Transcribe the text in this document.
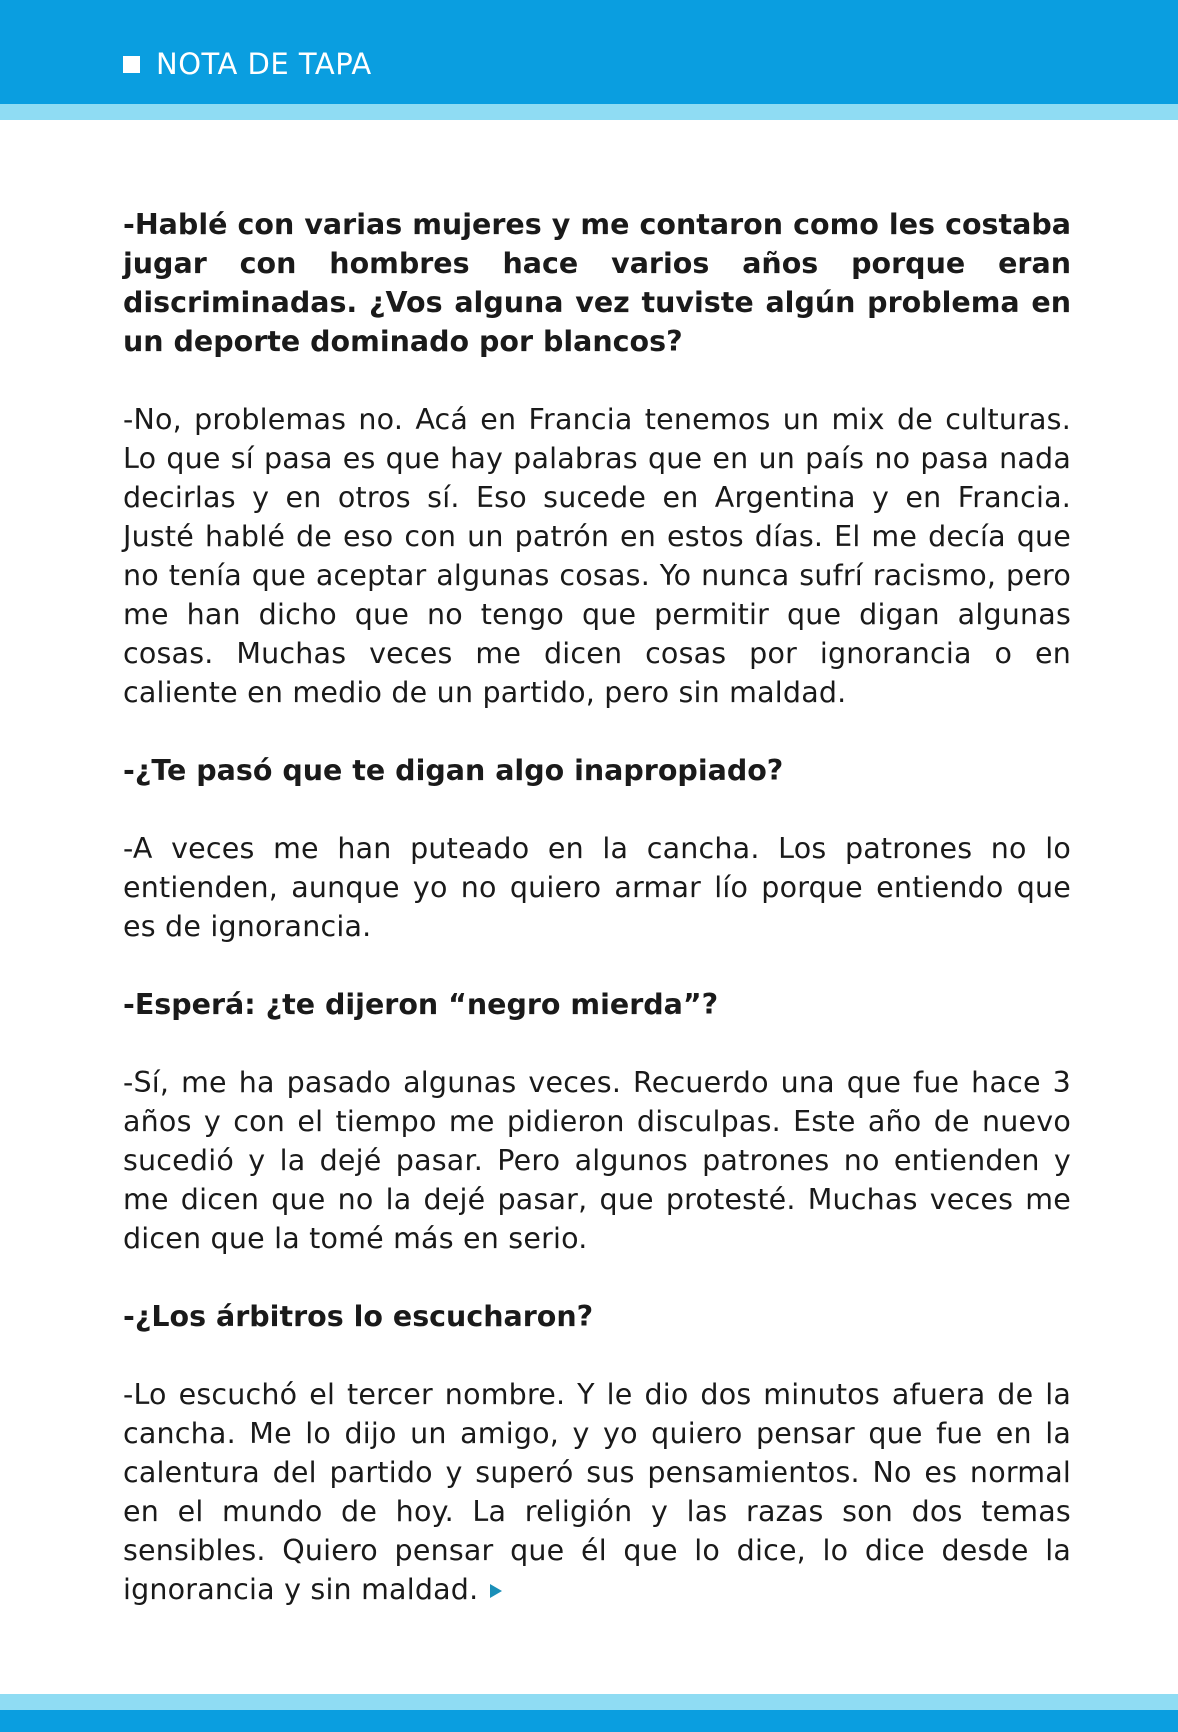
NOTA DE TAPA

-Hablé con varias mujeres y me contaron como les costaba jugar con hombres hace varios años porque eran discriminadas. ¿Vos alguna vez tuviste algún problema en un deporte dominado por blancos?

-No, problemas no. Acá en Francia tenemos un mix de culturas. Lo que sí pasa es que hay palabras que en un país no pasa nada decirlas y en otros sí. Eso sucede en Argentina y en Francia. Justé hablé de eso con un patrón en estos días. El me decía que no tenía que aceptar algunas cosas. Yo nunca sufrí racismo, pero me han dicho que no tengo que permitir que digan algunas cosas. Muchas veces me dicen cosas por ignorancia o en caliente en medio de un partido, pero sin maldad.

-¿Te pasó que te digan algo inapropiado?

-A veces me han puteado en la cancha. Los patrones no lo entienden, aunque yo no quiero armar lío porque entiendo que es de ignorancia.

-Esperá: ¿te dijeron “negro mierda”?

-Sí, me ha pasado algunas veces. Recuerdo una que fue hace 3 años y con el tiempo me pidieron disculpas. Este año de nuevo sucedió y la dejé pasar. Pero algunos patrones no entienden y me dicen que no la dejé pasar, que protesté. Muchas veces me dicen que la tomé más en serio.

-¿Los árbitros lo escucharon?

-Lo escuchó el tercer nombre. Y le dio dos minutos afuera de la cancha. Me lo dijo un amigo, y yo quiero pensar que fue en la calentura del partido y superó sus pensamientos. No es normal en el mundo de hoy. La religión y las razas son dos temas sensibles. Quiero pensar que él que lo dice, lo dice desde la ignorancia y sin maldad.
